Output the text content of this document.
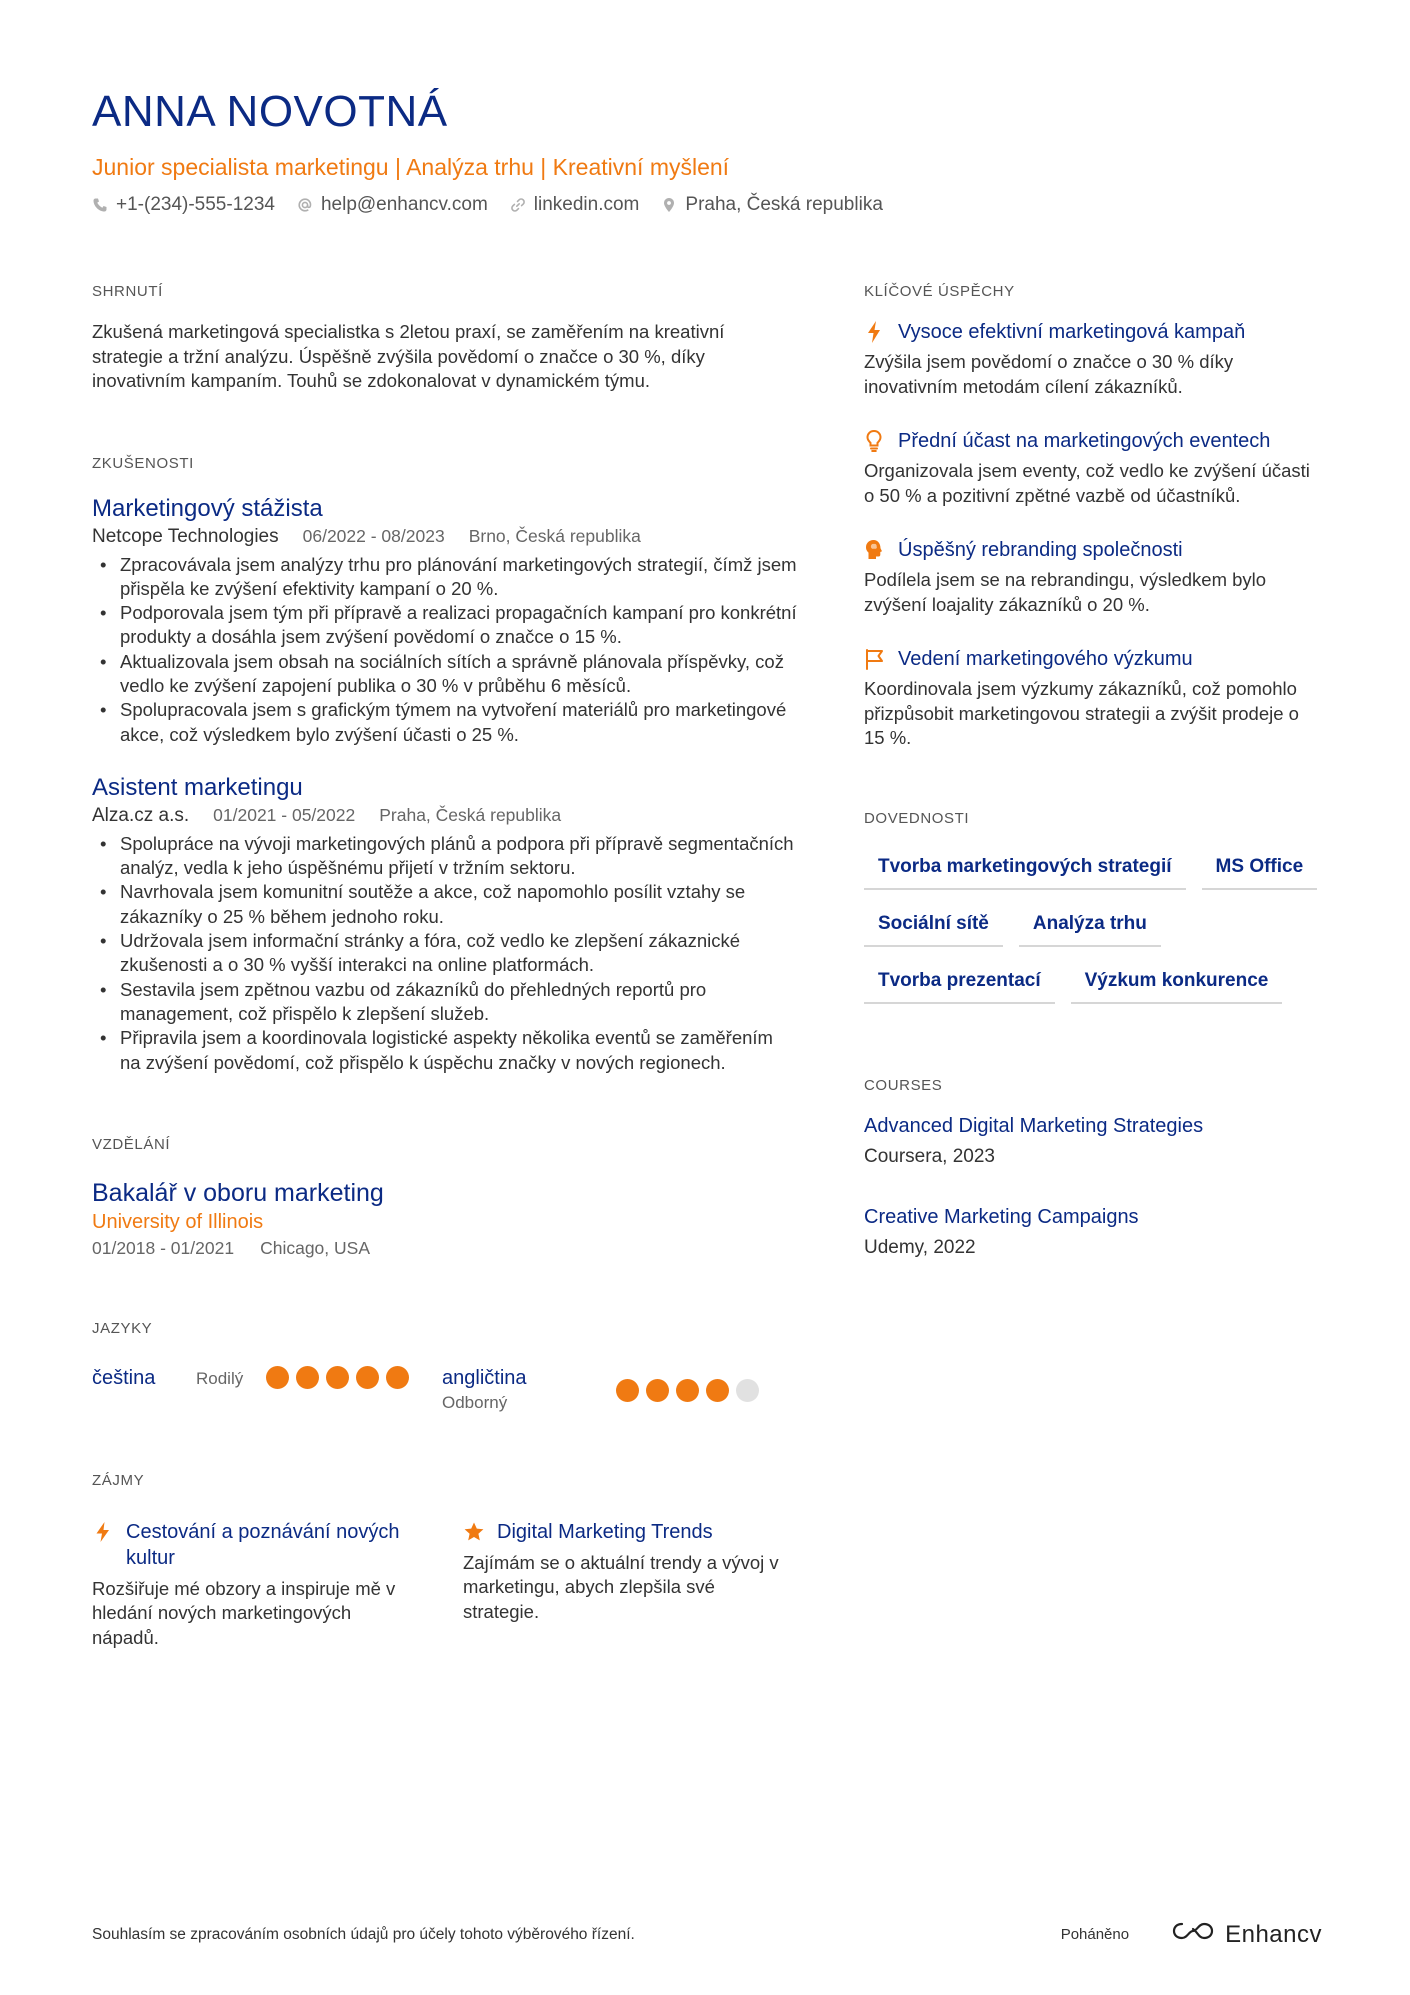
ANNA NOVOTNÁ
Junior specialista marketingu | Analýza trhu | Kreativní myšlení
+1-(234)-555-1234 help@enhancv.com linkedin.com Praha, Česká republika
SHRNUTÍ
Zkušená marketingová specialistka s 2letou praxí, se zaměřením na kreativní strategie a tržní analýzu. Úspěšně zvýšila povědomí o značce o 30 %, díky inovativním kampaním. Touhů se zdokonalovat v dynamickém týmu.
ZKUŠENOSTI
Marketingový stážista
Netcope Technologies 06/2022 - 08/2023 Brno, Česká republika
• Zpracovávala jsem analýzy trhu pro plánování marketingových strategií, čímž jsem přispěla ke zvýšení efektivity kampaní o 20 %.
• Podporovala jsem tým při přípravě a realizaci propagačních kampaní pro konkrétní produkty a dosáhla jsem zvýšení povědomí o značce o 15 %.
• Aktualizovala jsem obsah na sociálních sítích a správně plánovala příspěvky, což vedlo ke zvýšení zapojení publika o 30 % v průběhu 6 měsíců.
• Spolupracovala jsem s grafickým týmem na vytvoření materiálů pro marketingové akce, což výsledkem bylo zvýšení účasti o 25 %.
Asistent marketingu
Alza.cz a.s. 01/2021 - 05/2022 Praha, Česká republika
• Spolupráce na vývoji marketingových plánů a podpora při přípravě segmentačních analýz, vedla k jeho úspěšnému přijetí v tržním sektoru.
• Navrhovala jsem komunitní soutěže a akce, což napomohlo posílit vztahy se zákazníky o 25 % během jednoho roku.
• Udržovala jsem informační stránky a fóra, což vedlo ke zlepšení zákaznické zkušenosti a o 30 % vyšší interakci na online platformách.
• Sestavila jsem zpětnou vazbu od zákazníků do přehledných reportů pro management, což přispělo k zlepšení služeb.
• Připravila jsem a koordinovala logistické aspekty několika eventů se zaměřením na zvýšení povědomí, což přispělo k úspěchu značky v nových regionech.
VZDĚLÁNÍ
Bakalář v oboru marketing
University of Illinois
01/2018 - 01/2021 Chicago, USA
JAZYKY
čeština	Rodilý	angličtina
Odborný
ZÁJMY
Cestování a poznávání nových kultur
Rozšiřuje mé obzory a inspiruje mě v hledání nových marketingových nápadů.
Digital Marketing Trends
Zajímám se o aktuální trendy a vývoj v marketingu, abych zlepšila své strategie.
KLÍČOVÉ ÚSPĚCHY
Vysoce efektivní marketingová kampaň
Zvýšila jsem povědomí o značce o 30 % díky inovativním metodám cílení zákazníků.
Přední účast na marketingových eventech
Organizovala jsem eventy, což vedlo ke zvýšení účasti o 50 % a pozitivní zpětné vazbě od účastníků.
Úspěšný rebranding společnosti
Podílela jsem se na rebrandingu, výsledkem bylo zvýšení loajality zákazníků o 20 %.
Vedení marketingového výzkumu
Koordinovala jsem výzkumy zákazníků, což pomohlo přizpůsobit marketingovou strategii a zvýšit prodeje o 15 %.
DOVEDNOSTI
Tvorba marketingových strategií	MS Office
Sociální sítě	Analýza trhu
Tvorba prezentací	Výzkum konkurence
COURSES
Advanced Digital Marketing Strategies
Coursera, 2023
Creative Marketing Campaigns
Udemy, 2022
Souhlasím se zpracováním osobních údajů pro účely tohoto výběrového řízení.	Poháněno	Enhancv
